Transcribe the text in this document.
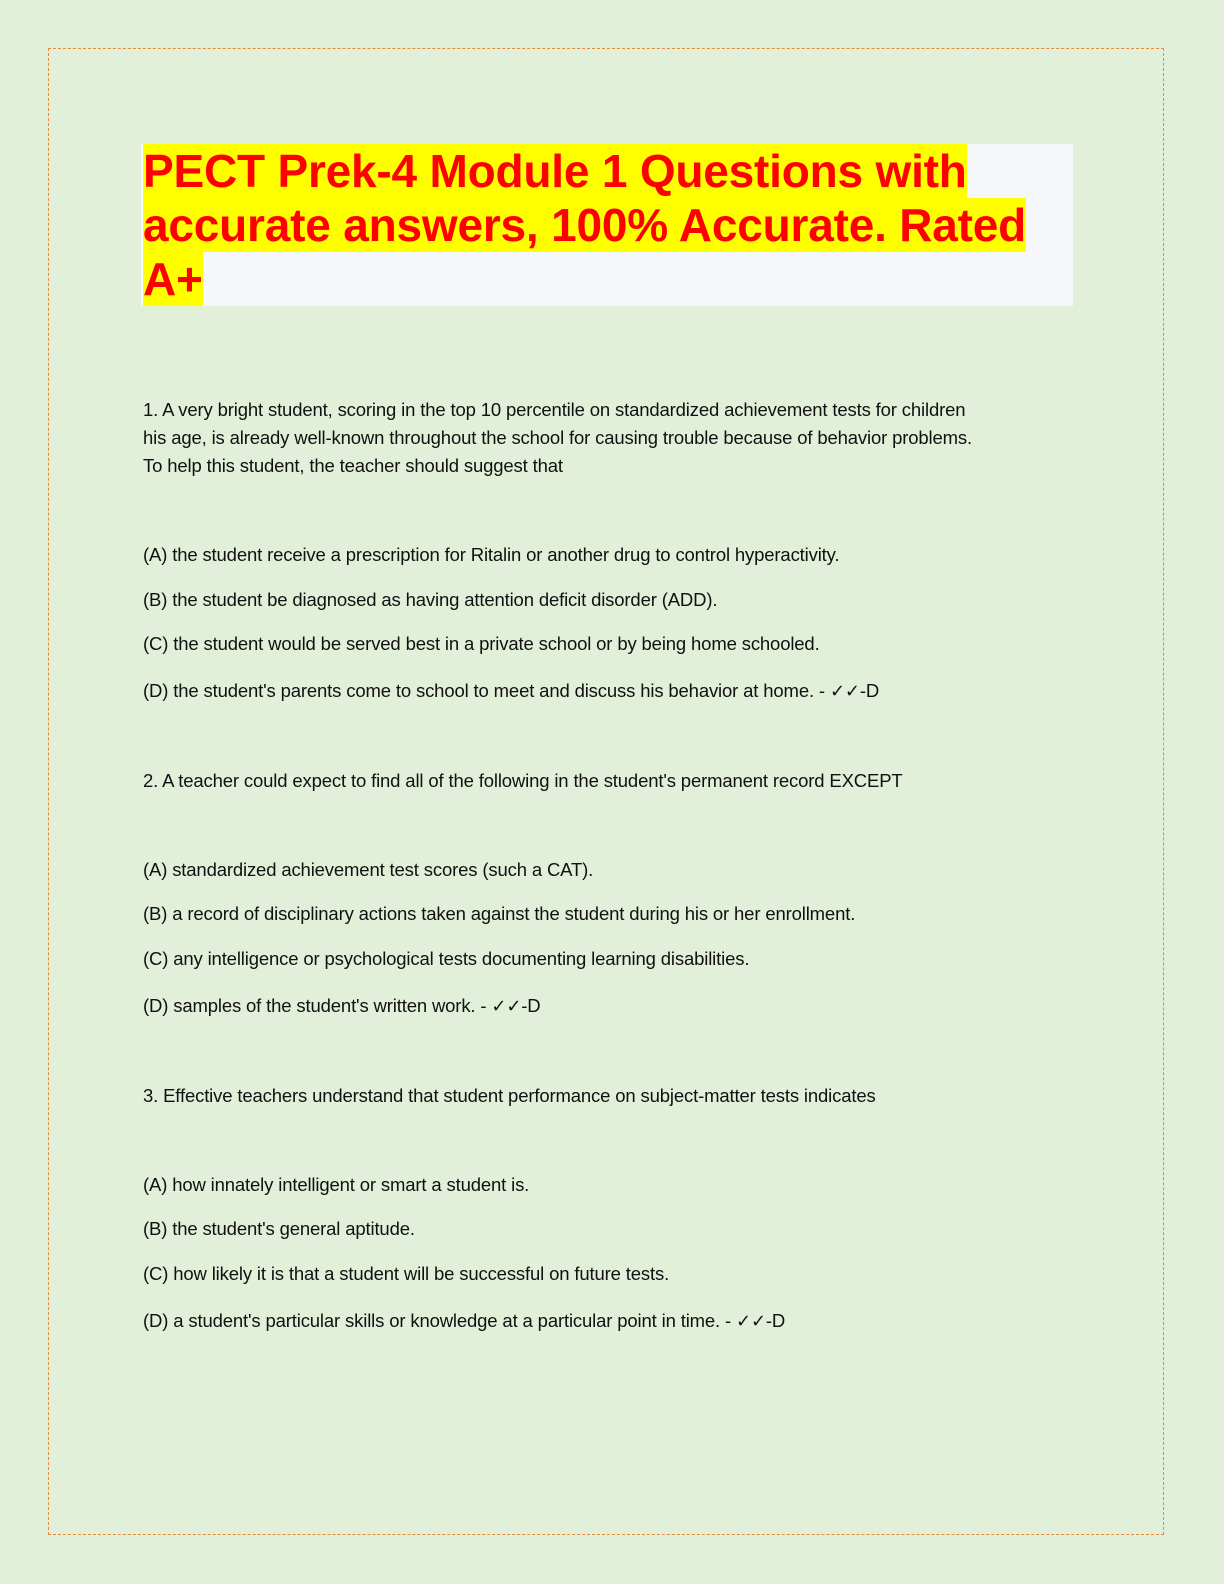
PECT Prek-4 Module 1 Questions with
accurate answers, 100% Accurate. Rated
A+
1. A very bright student, scoring in the top 10 percentile on standardized achievement tests for children
his age, is already well-known throughout the school for causing trouble because of behavior problems.
To help this student, the teacher should suggest that
(A) the student receive a prescription for Ritalin or another drug to control hyperactivity.
(B) the student be diagnosed as having attention deficit disorder (ADD).
(C) the student would be served best in a private school or by being home schooled.
(D) the student's parents come to school to meet and discuss his behavior at home. - ✓✓-D
2. A teacher could expect to find all of the following in the student's permanent record EXCEPT
(A) standardized achievement test scores (such a CAT).
(B) a record of disciplinary actions taken against the student during his or her enrollment.
(C) any intelligence or psychological tests documenting learning disabilities.
(D) samples of the student's written work. - ✓✓-D
3. Effective teachers understand that student performance on subject-matter tests indicates
(A) how innately intelligent or smart a student is.
(B) the student's general aptitude.
(C) how likely it is that a student will be successful on future tests.
(D) a student's particular skills or knowledge at a particular point in time. - ✓✓-D
